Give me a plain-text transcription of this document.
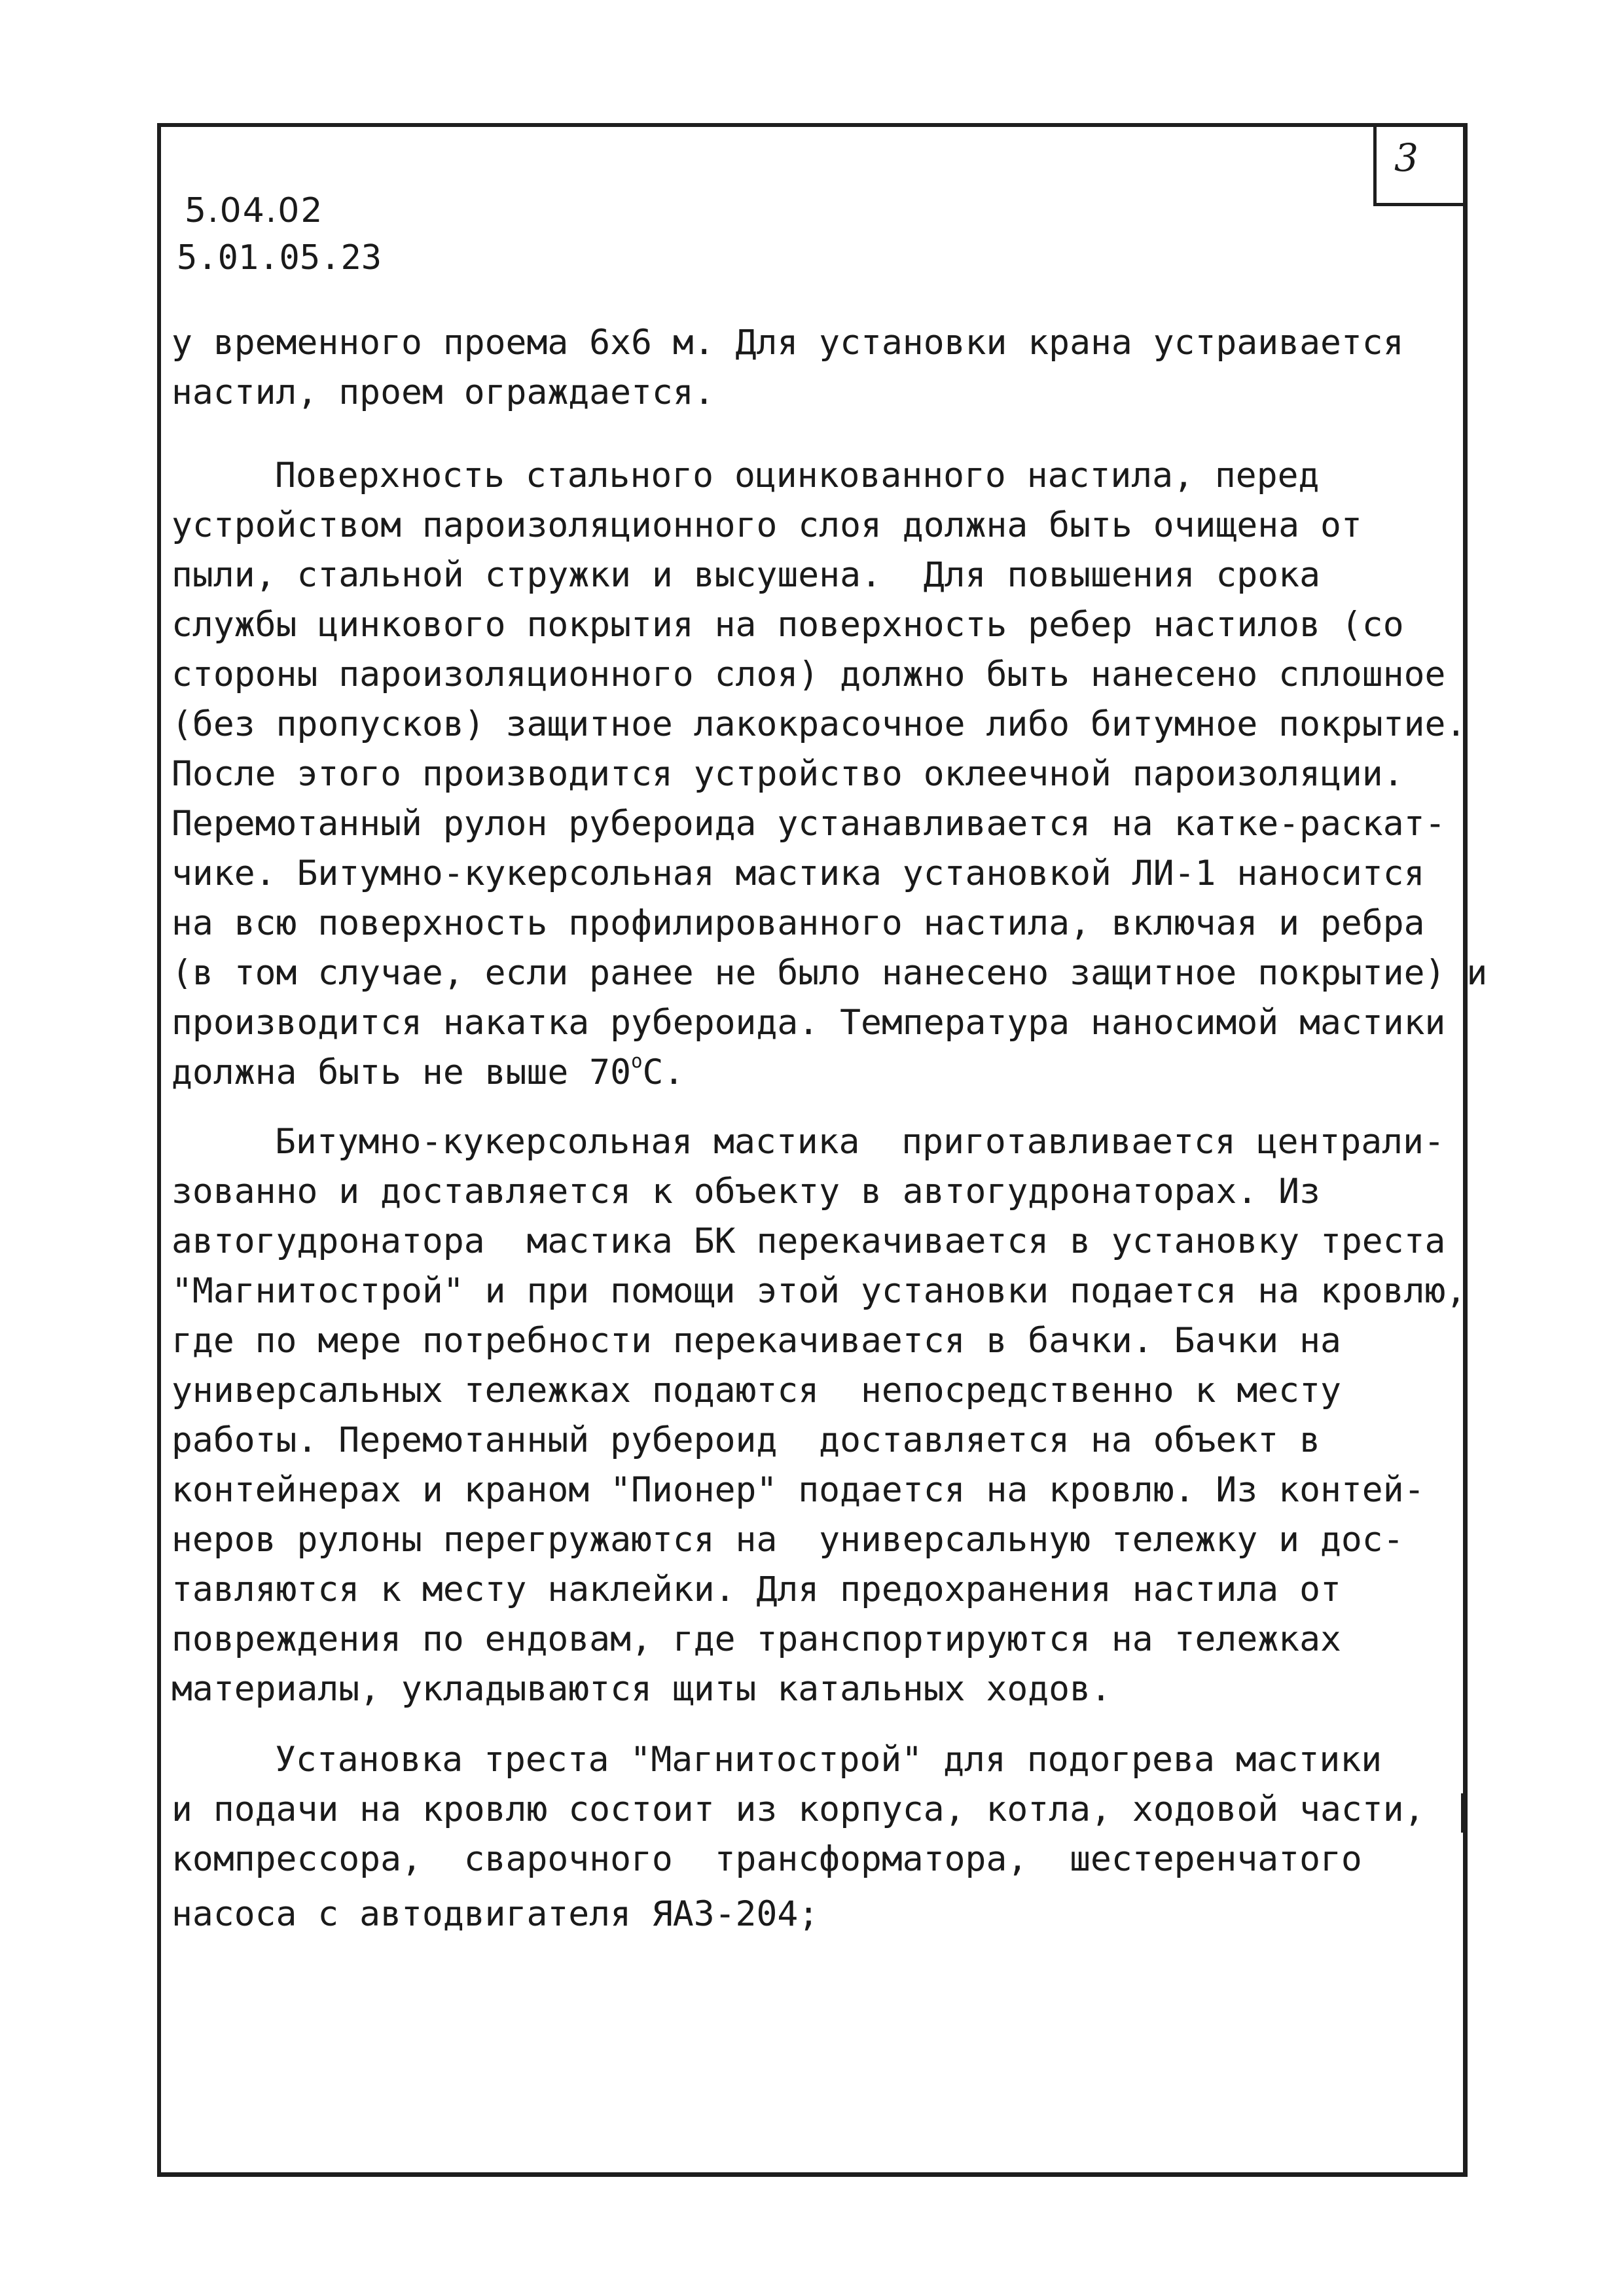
3
5.04.02
5.01.05.23
у временного проема 6х6 м. Для установки крана устраивается
настил, проем ограждается.
Поверхность стального оцинкованного настила, перед
устройством пароизоляционного слоя должна быть очищена от
пыли, стальной стружки и высушена.  Для повышения срока
службы цинкового покрытия на поверхность ребер настилов (со
стороны пароизоляционного слоя) должно быть нанесено сплошное
(без пропусков) защитное лакокрасочное либо битумное покрытие.
После этого производится устройство оклеечной пароизоляции.
Перемотанный рулон рубероида устанавливается на катке-раскат-
чике. Битумно-кукерсольная мастика установкой ЛИ-1 наносится
на всю поверхность профилированного настила, включая и ребра
(в том случае, если ранее не было нанесено защитное покрытие) и
производится накатка рубероида. Температура наносимой мастики
должна быть не выше 70$^o$С.
Битумно-кукерсольная мастика  приготавливается централи-
зованно и доставляется к объекту в автогудронаторах. Из
автогудронатора  мастика БК перекачивается в установку треста
"Магнитострой" и при помощи этой установки подается на кровлю,
где по мере потребности перекачивается в бачки. Бачки на
универсальных тележках подаются  непосредственно к месту
работы. Перемотанный рубероид  доставляется на объект в
контейнерах и краном "Пионер" подается на кровлю. Из контей-
неров рулоны перегружаются на  универсальную тележку и дос-
тавляются к месту наклейки. Для предохранения настила от
повреждения по ендовам, где транспортируются на тележках
материалы, укладываются щиты катальных ходов.
Установка треста "Магнитострой" для подогрева мастики
и подачи на кровлю состоит из корпуса, котла, ходовой части,
компрессора,  сварочного  трансформатора,  шестеренчатого
насоса с автодвигателя ЯАЗ-204;
